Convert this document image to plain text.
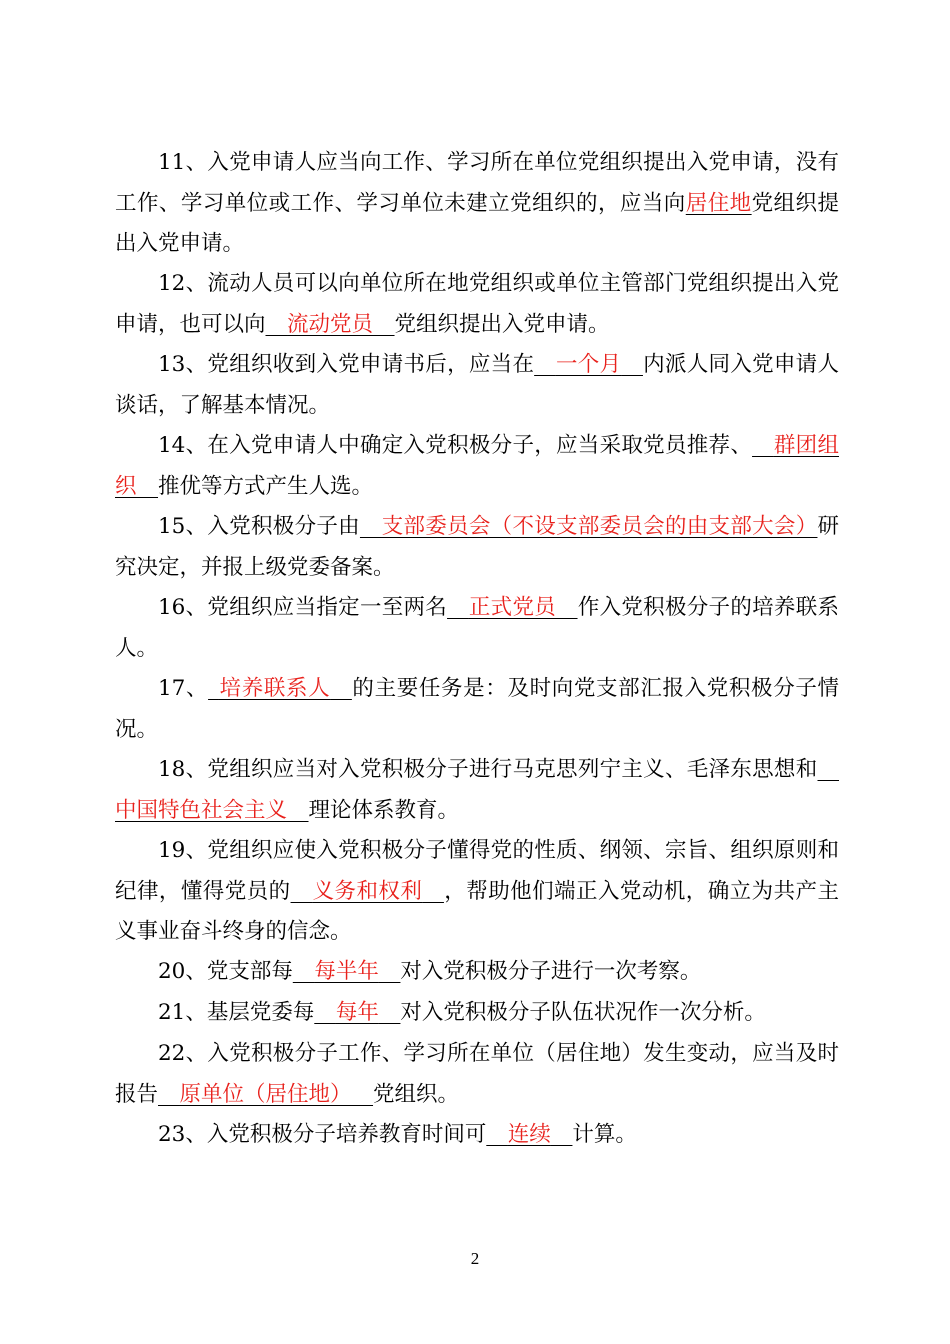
11、入党申请人应当向工作、学习所在单位党组织提出入党申请，没有工作、学习单位或工作、学习单位未建立党组织的，应当向居住地党组织提出入党申请。

12、流动人员可以向单位所在地党组织或单位主管部门党组织提出入党申请，也可以向__流动党员__党组织提出入党申请。

13、党组织收到入党申请书后，应当在__一个月__内派人同入党申请人谈话，了解基本情况。

14、在入党申请人中确定入党积极分子，应当采取党员推荐、__群团组织__推优等方式产生人选。

15、入党积极分子由__支部委员会（不设支部委员会的由支部大会）研究决定，并报上级党委备案。

16、党组织应当指定一至两名__正式党员__作入党积极分子的培养联系人。

17、_培养联系人__的主要任务是：及时向党支部汇报入党积极分子情况。

18、党组织应当对入党积极分子进行马克思列宁主义、毛泽东思想和__中国特色社会主义__理论体系教育。

19、党组织应使入党积极分子懂得党的性质、纲领、宗旨、组织原则和纪律，懂得党员的__义务和权利__，帮助他们端正入党动机，确立为共产主义事业奋斗终身的信念。

20、党支部每__每半年__对入党积极分子进行一次考察。

21、基层党委每__每年__对入党积极分子队伍状况作一次分析。

22、入党积极分子工作、学习所在单位（居住地）发生变动，应当及时报告__原单位（居住地）__党组织。

23、入党积极分子培养教育时间可__连续__计算。

2
